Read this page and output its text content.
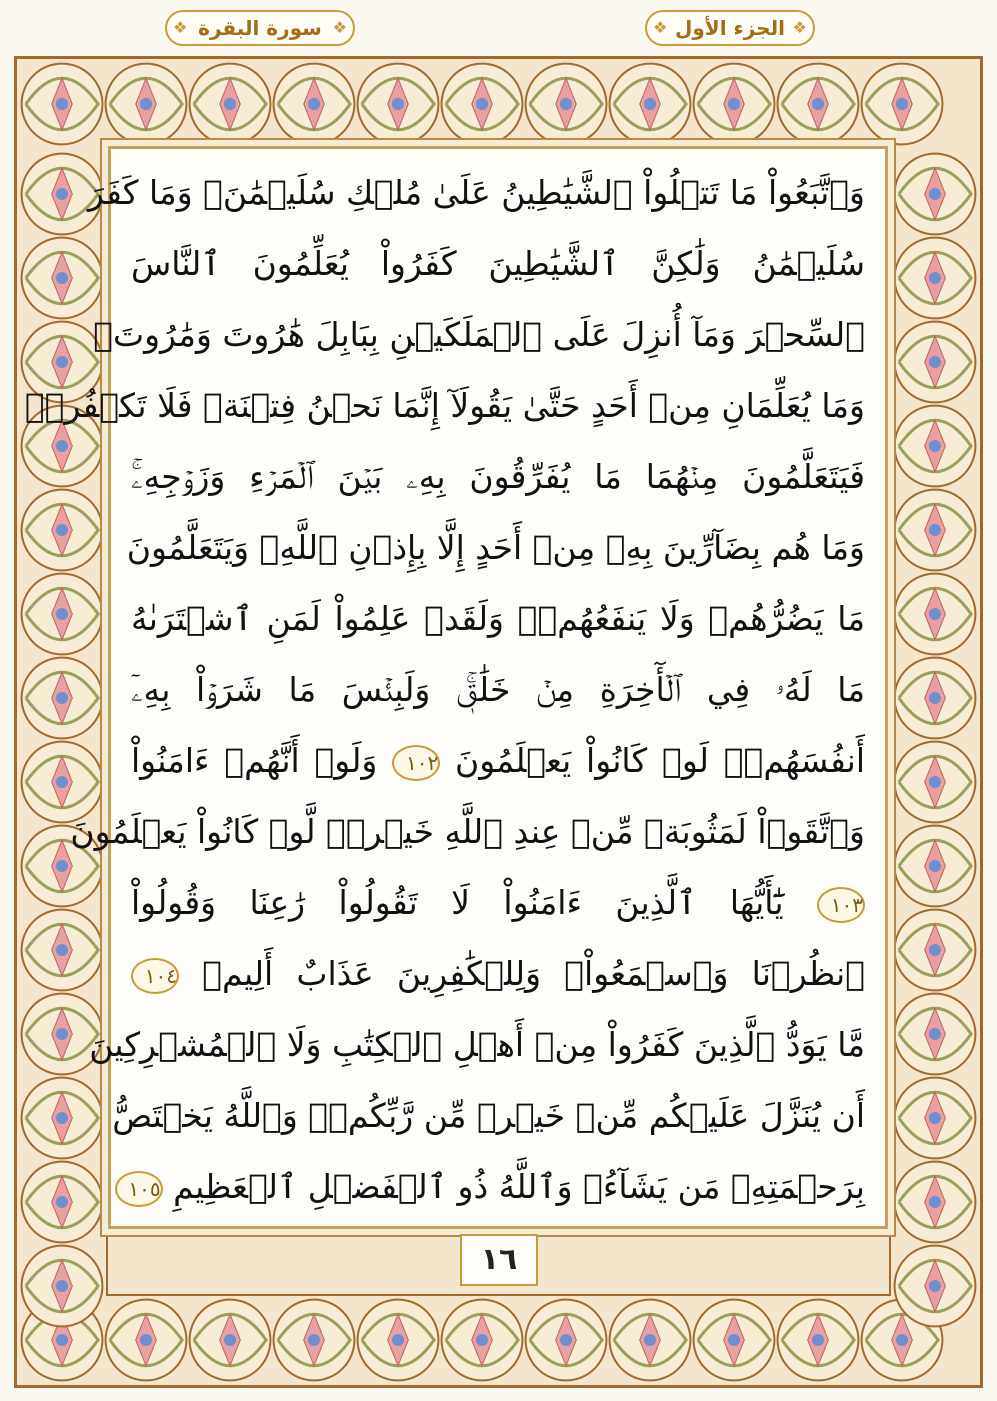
❖ سورة البقرة ❖
❖	الجزء الأول ❖
وَٱتَّبَعُواْ مَا تَتۡلُواْ ٱلشَّيَٰطِينُ عَلَىٰ مُلۡكِ سُلَيۡمَٰنَۖ وَمَا كَفَرَ
سُلَيۡمَٰنُ وَلَٰكِنَّ ٱلشَّيَٰطِينَ كَفَرُواْ يُعَلِّمُونَ ٱلنَّاسَ
ٱلسِّحۡرَ وَمَآ أُنزِلَ عَلَى ٱلۡمَلَكَيۡنِ بِبَابِلَ هَٰرُوتَ وَمَٰرُوتَۚ
وَمَا يُعَلِّمَانِ مِنۡ أَحَدٍ حَتَّىٰ يَقُولَآ إِنَّمَا نَحۡنُ فِتۡنَةٞ فَلَا تَكۡفُرۡۖ
فَيَتَعَلَّمُونَ مِنۡهُمَا مَا يُفَرِّقُونَ بِهِۦ بَيۡنَ ٱلۡمَرۡءِ وَزَوۡجِهِۦۚ
وَمَا هُم بِضَآرِّينَ بِهِۦ مِنۡ أَحَدٍ إِلَّا بِإِذۡنِ ٱللَّهِۚ وَيَتَعَلَّمُونَ
مَا يَضُرُّهُمۡ وَلَا يَنفَعُهُمۡۚ وَلَقَدۡ عَلِمُواْ لَمَنِ ٱشۡتَرَىٰهُ
مَا لَهُۥ فِي ٱلۡأٓخِرَةِ مِنۡ خَلَٰقٖۚ وَلَبِئۡسَ مَا شَرَوۡاْ بِهِۦٓ
أَنفُسَهُمۡۚ لَوۡ كَانُواْ يَعۡلَمُونَ ١٠٢ وَلَوۡ أَنَّهُمۡ ءَامَنُواْ
وَٱتَّقَوۡاْ لَمَثُوبَةٞ مِّنۡ عِندِ ٱللَّهِ خَيۡرٞۖ لَّوۡ كَانُواْ يَعۡلَمُونَ
١٠٣ يَٰٓأَيُّهَا ٱلَّذِينَ ءَامَنُواْ لَا تَقُولُواْ رَٰعِنَا وَقُولُواْ
ٱنظُرۡنَا وَٱسۡمَعُواْۗ وَلِلۡكَٰفِرِينَ عَذَابٌ أَلِيمٞ ١٠٤
مَّا يَوَدُّ ٱلَّذِينَ كَفَرُواْ مِنۡ أَهۡلِ ٱلۡكِتَٰبِ وَلَا ٱلۡمُشۡرِكِينَ
أَن يُنَزَّلَ عَلَيۡكُم مِّنۡ خَيۡرٖ مِّن رَّبِّكُمۡۚ وَٱللَّهُ يَخۡتَصُّ
بِرَحۡمَتِهِۦ مَن يَشَآءُۚ وَٱللَّهُ ذُو ٱلۡفَضۡلِ ٱلۡعَظِيمِ ١٠٥
١٦
